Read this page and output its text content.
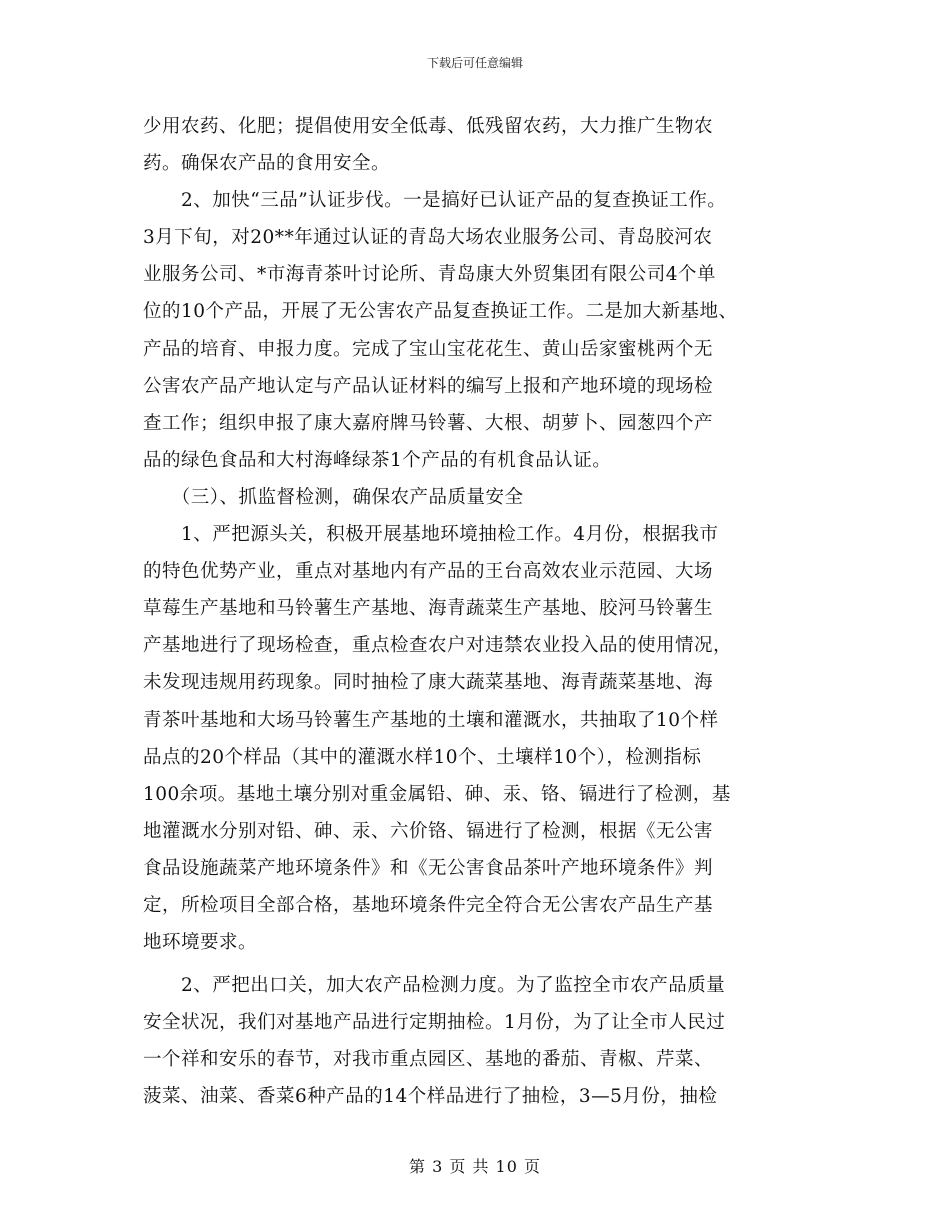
下载后可任意编辑
少用农药、化肥；提倡使用安全低毒、低残留农药，大力推广生物农
药。确保农产品的食用安全。
　　2、加快“三品”认证步伐。一是搞好已认证产品的复查换证工作。
3月下旬，对20**年通过认证的青岛大场农业服务公司、青岛胶河农
业服务公司、*市海青茶叶讨论所、青岛康大外贸集团有限公司4个单
位的10个产品，开展了无公害农产品复查换证工作。二是加大新基地、
产品的培育、申报力度。完成了宝山宝花花生、黄山岳家蜜桃两个无
公害农产品产地认定与产品认证材料的编写上报和产地环境的现场检
查工作；组织申报了康大嘉府牌马铃薯、大根、胡萝卜、园葱四个产
品的绿色食品和大村海峰绿茶1个产品的有机食品认证。
　　（三）、抓监督检测，确保农产品质量安全
　　1、严把源头关，积极开展基地环境抽检工作。4月份，根据我市
的特色优势产业，重点对基地内有产品的王台高效农业示范园、大场
草莓生产基地和马铃薯生产基地、海青蔬菜生产基地、胶河马铃薯生
产基地进行了现场检查，重点检查农户对违禁农业投入品的使用情况，
未发现违规用药现象。同时抽检了康大蔬菜基地、海青蔬菜基地、海
青茶叶基地和大场马铃薯生产基地的土壤和灌溉水，共抽取了10个样
品点的20个样品（其中的灌溉水样10个、土壤样10个），检测指标
100余项。基地土壤分别对重金属铅、砷、汞、铬、镉进行了检测，基
地灌溉水分别对铅、砷、汞、六价铬、镉进行了检测，根据《无公害
食品设施蔬菜产地环境条件》和《无公害食品茶叶产地环境条件》判
定，所检项目全部合格，基地环境条件完全符合无公害农产品生产基
地环境要求。
　　2、严把出口关，加大农产品检测力度。为了监控全市农产品质量
安全状况，我们对基地产品进行定期抽检。1月份，为了让全市人民过
一个祥和安乐的春节，对我市重点园区、基地的番茄、青椒、芹菜、
菠菜、油菜、香菜6种产品的14个样品进行了抽检，3—5月份，抽检
第 3 页 共 10 页
